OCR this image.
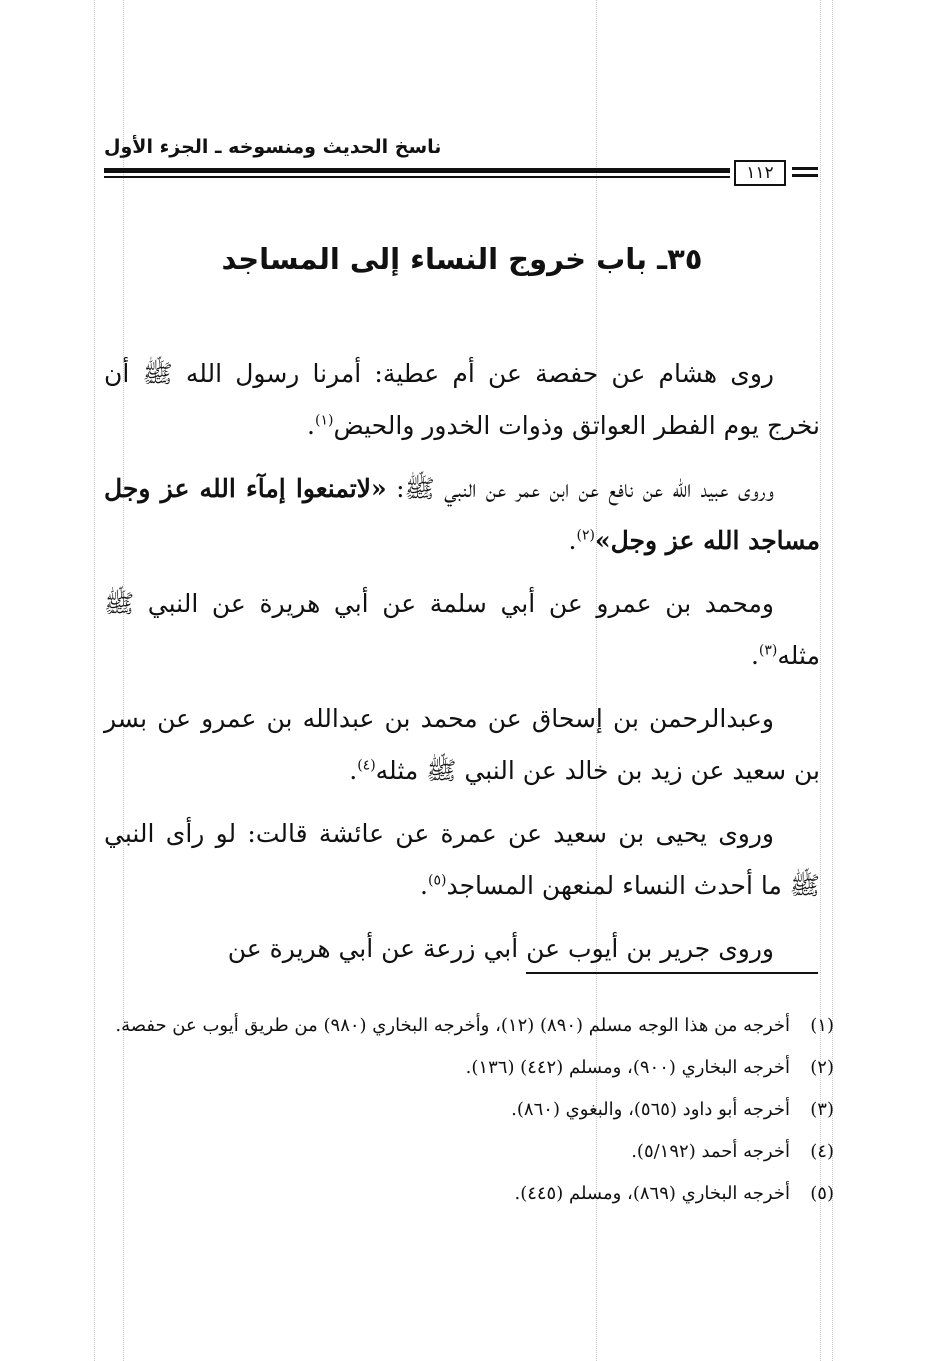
ناسخ الحديث ومنسوخه ـ الجزء الأول
١١٢
٣٥ـ باب خروج النساء إلى المساجد

روى هشام عن حفصة عن أم عطية: أمرنا رسول الله ﷺ أن نخرج يوم الفطر العواتق وذوات الخدور والحيض$^{(١)}$.

وروى عبيد الله عن نافع عن ابن عمر عن النبي ﷺ: «لاتمنعوا إمآء الله عز وجل مساجد الله عز وجل»$^{(٢)}$.

ومحمد بن عمرو عن أبي سلمة عن أبي هريرة عن النبي ﷺ مثله$^{(٣)}$.

وعبدالرحمن بن إسحاق عن محمد بن عبدالله بن عمرو عن بسر بن سعيد عن زيد بن خالد عن النبي ﷺ مثله$^{(٤)}$.

وروى يحيى بن سعيد عن عمرة عن عائشة قالت: لو رأى النبي ﷺ ما أحدث النساء لمنعهن المساجد$^{(٥)}$.

وروى جرير بن أيوب عن أبي زرعة عن أبي هريرة عن

(١)
أخرجه من هذا الوجه مسلم (٨٩٠) (١٢)، وأخرجه البخاري (٩٨٠) من طريق أيوب عن حفصة.
(٢)
أخرجه البخاري (٩٠٠)، ومسلم (٤٤٢) (١٣٦).
(٣)
أخرجه أبو داود (٥٦٥)، والبغوي (٨٦٠).
(٤)
أخرجه أحمد (٥/١٩٢).
(٥)
أخرجه البخاري (٨٦٩)، ومسلم (٤٤٥).
